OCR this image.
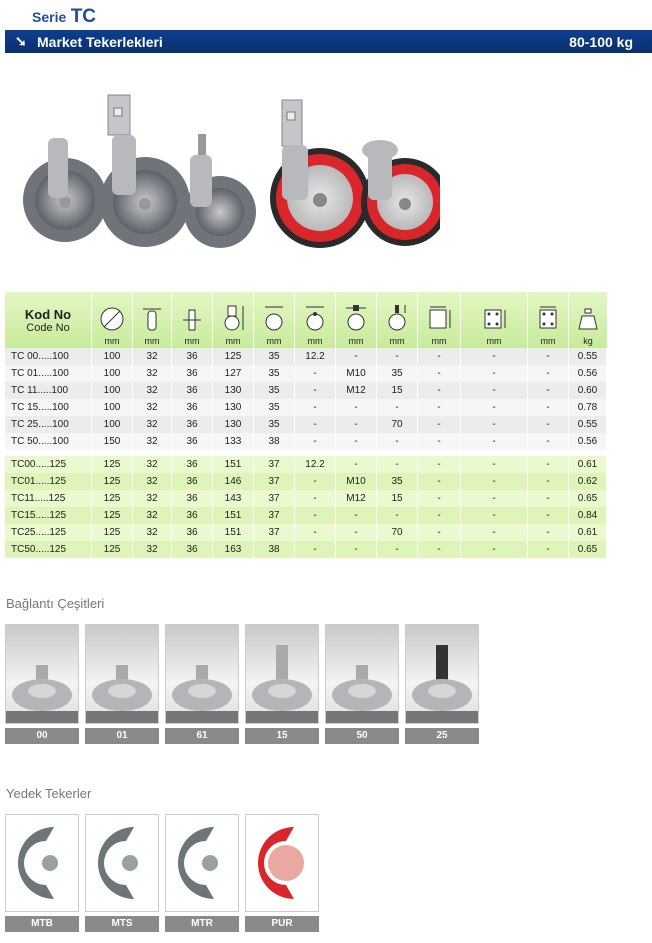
Serie TC
➘ Market Tekerlekleri	80-100 kg
Kod No
Code No	mm	mm	mm	mm	mm	mm	mm	mm	mm	mm	mm	kg

TC 00.....100	100	32	36	125	35	12.2	-	-	-	-	-	0.55
TC 01.....100	100	32	36	127	35	-	M10	35	-	-	-	0.56
TC 11.....100	100	32	36	130	35	-	M12	15	-	-	-	0.60
TC 15.....100	100	32	36	130	35	-	-	-	-	-	-	0.78
TC 25.....100	100	32	36	130	35	-	-	70	-	-	-	0.55
TC 50.....100	150	32	36	133	38	-	-	-	-	-	-	0.56

TC00.....125	125	32	36	151	37	12.2	-	-	-	-	-	0.61
TC01.....125	125	32	36	146	37	-	M10	35	-	-	-	0.62
TC11.....125	125	32	36	143	37	-	M12	15	-	-	-	0.65
TC15.....125	125	32	36	151	37	-	-	-	-	-	-	0.84
TC25.....125	125	32	36	151	37	-	-	70	-	-	-	0.61
TC50.....125	125	32	36	163	38	-	-	-	-	-	-	0.65
Bağlantı Çeşitleri
00	01	61	15	50	25
Yedek Tekerler
MTB	MTS	MTR	PUR
